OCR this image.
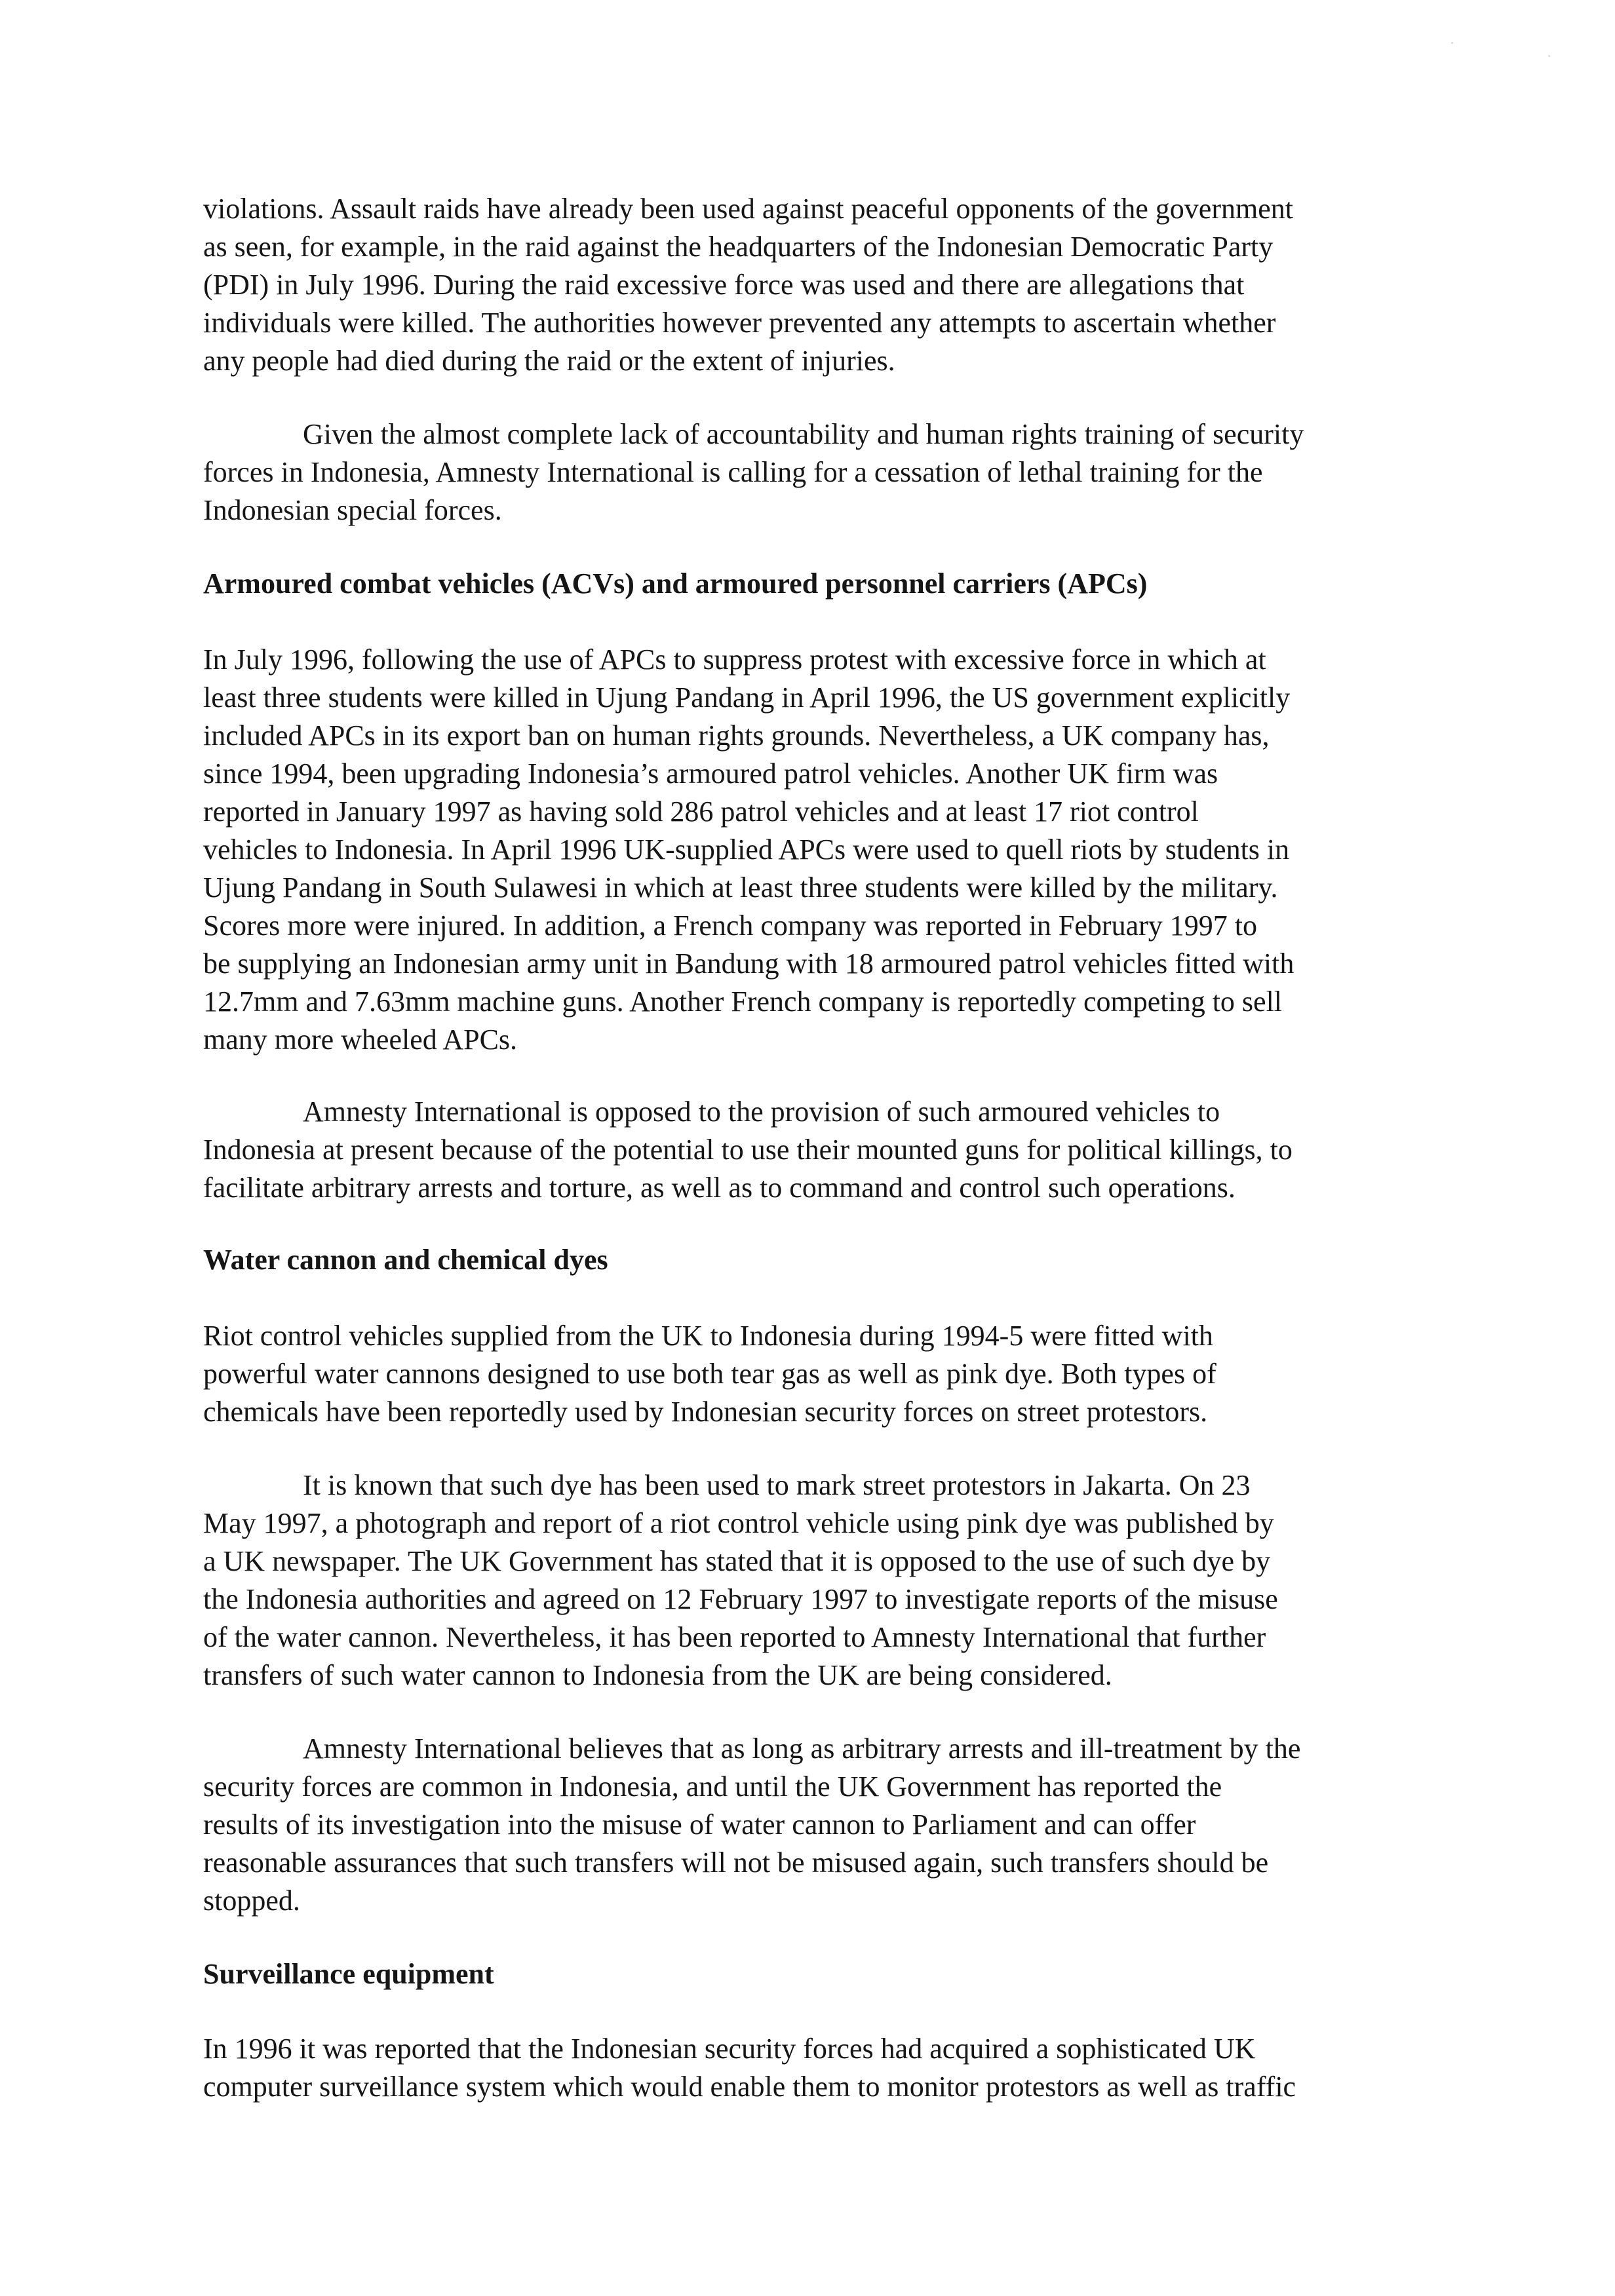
violations. Assault raids have already been used against peaceful opponents of the government
as seen, for example, in the raid against the headquarters of the Indonesian Democratic Party
(PDI) in July 1996. During the raid excessive force was used and there are allegations that
individuals were killed. The authorities however prevented any attempts to ascertain whether
any people had died during the raid or the extent of injuries.
Given the almost complete lack of accountability and human rights training of security
forces in Indonesia, Amnesty International is calling for a cessation of lethal training for the
Indonesian special forces.
Armoured combat vehicles (ACVs) and armoured personnel carriers (APCs)
In July 1996, following the use of APCs to suppress protest with excessive force in which at
least three students were killed in Ujung Pandang in April 1996, the US government explicitly
included APCs in its export ban on human rights grounds. Nevertheless, a UK company has,
since 1994, been upgrading Indonesia’s armoured patrol vehicles. Another UK firm was
reported in January 1997 as having sold 286 patrol vehicles and at least 17 riot control
vehicles to Indonesia. In April 1996 UK-supplied APCs were used to quell riots by students in
Ujung Pandang in South Sulawesi in which at least three students were killed by the military.
Scores more were injured. In addition, a French company was reported in February 1997 to
be supplying an Indonesian army unit in Bandung with 18 armoured patrol vehicles fitted with
12.7mm and 7.63mm machine guns. Another French company is reportedly competing to sell
many more wheeled APCs.
Amnesty International is opposed to the provision of such armoured vehicles to
Indonesia at present because of the potential to use their mounted guns for political killings, to
facilitate arbitrary arrests and torture, as well as to command and control such operations.
Water cannon and chemical dyes
Riot control vehicles supplied from the UK to Indonesia during 1994-5 were fitted with
powerful water cannons designed to use both tear gas as well as pink dye. Both types of
chemicals have been reportedly used by Indonesian security forces on street protestors.
It is known that such dye has been used to mark street protestors in Jakarta. On 23
May 1997, a photograph and report of a riot control vehicle using pink dye was published by
a UK newspaper. The UK Government has stated that it is opposed to the use of such dye by
the Indonesia authorities and agreed on 12 February 1997 to investigate reports of the misuse
of the water cannon. Nevertheless, it has been reported to Amnesty International that further
transfers of such water cannon to Indonesia from the UK are being considered.
Amnesty International believes that as long as arbitrary arrests and ill-treatment by the
security forces are common in Indonesia, and until the UK Government has reported the
results of its investigation into the misuse of water cannon to Parliament and can offer
reasonable assurances that such transfers will not be misused again, such transfers should be
stopped.
Surveillance equipment
In 1996 it was reported that the Indonesian security forces had acquired a sophisticated UK
computer surveillance system which would enable them to monitor protestors as well as traffic
